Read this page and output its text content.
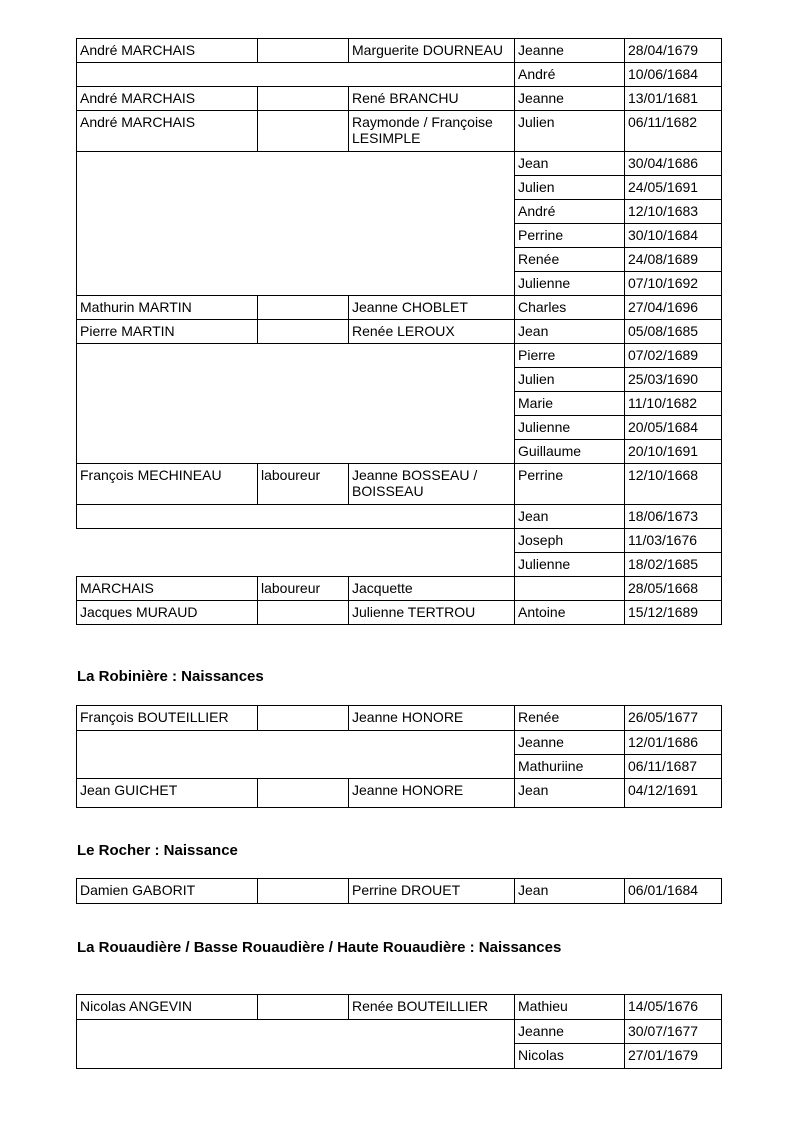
André MARCHAIS		Marguerite DOURNEAU	Jeanne	28/04/1679
			André	10/06/1684
André MARCHAIS		René BRANCHU	Jeanne	13/01/1681
André MARCHAIS		Raymonde / Françoise LESIMPLE	Julien	06/11/1682
			Jean	30/04/1686
			Julien	24/05/1691
			André	12/10/1683
			Perrine	30/10/1684
			Renée	24/08/1689
			Julienne	07/10/1692
Mathurin MARTIN		Jeanne CHOBLET	Charles	27/04/1696
Pierre MARTIN		Renée LEROUX	Jean	05/08/1685
			Pierre	07/02/1689
			Julien	25/03/1690
			Marie	11/10/1682
			Julienne	20/05/1684
			Guillaume	20/10/1691
François MECHINEAU	laboureur	Jeanne BOSSEAU / BOISSEAU	Perrine	12/10/1668
			Jean	18/06/1673
			Joseph	11/03/1676
			Julienne	18/02/1685
MARCHAIS	laboureur	Jacquette		28/05/1668
Jacques MURAUD		Julienne TERTROU	Antoine	15/12/1689
La Robinière : Naissances
François BOUTEILLIER		Jeanne HONORE	Renée	26/05/1677
			Jeanne	12/01/1686
			Mathuriine	06/11/1687
Jean GUICHET		Jeanne HONORE	Jean	04/12/1691
Le Rocher : Naissance
Damien GABORIT		Perrine DROUET	Jean	06/01/1684
La Rouaudière / Basse Rouaudière / Haute Rouaudière : Naissances
Nicolas ANGEVIN		Renée BOUTEILLIER	Mathieu	14/05/1676
			Jeanne	30/07/1677
			Nicolas	27/01/1679
